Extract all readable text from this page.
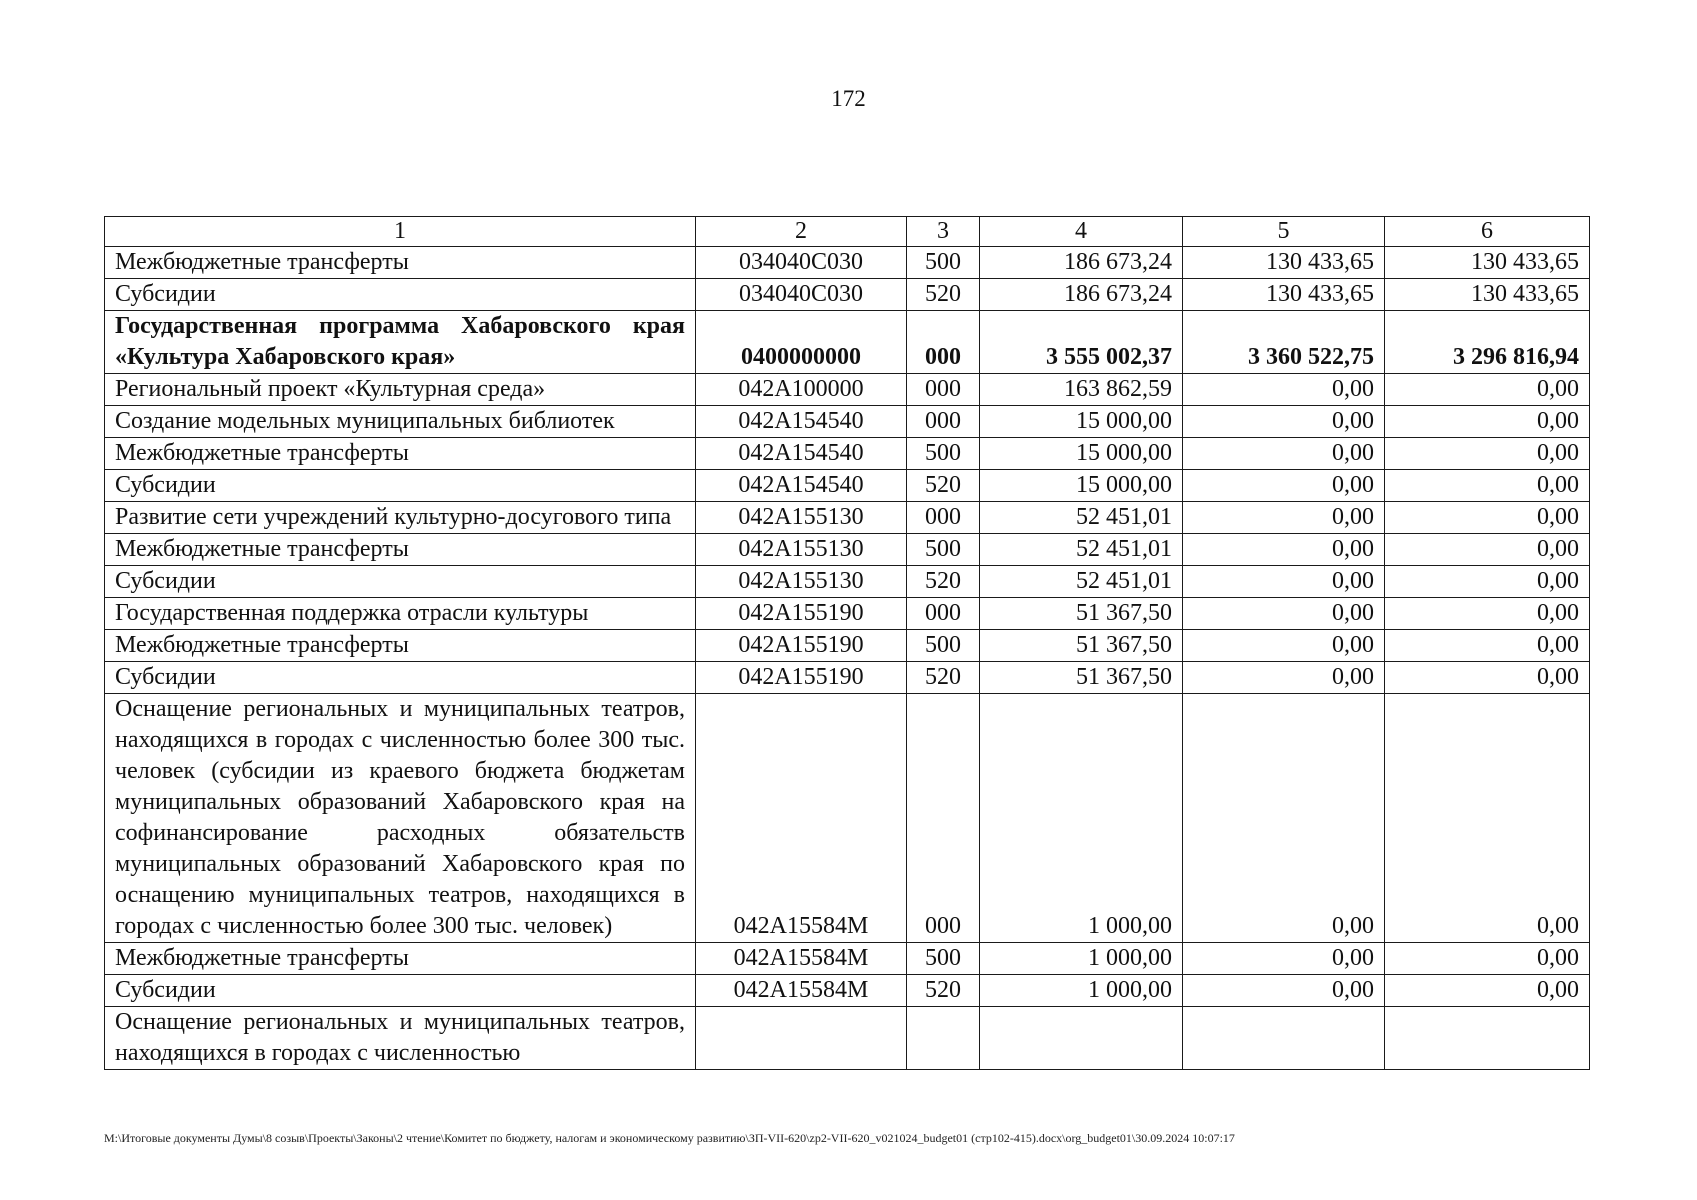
172
1	2	3	4	5	6
Межбюджетные трансферты	034040С030	500	186 673,24	130 433,65	130 433,65
Субсидии	034040С030	520	186 673,24	130 433,65	130 433,65
Государственная программа Хабаровского края «Культура Хабаровского края»	0400000000	000	3 555 002,37	3 360 522,75	3 296 816,94
Региональный проект «Культурная среда»	042А100000	000	163 862,59	0,00	0,00
Создание модельных муниципальных библиотек	042А154540	000	15 000,00	0,00	0,00
Межбюджетные трансферты	042А154540	500	15 000,00	0,00	0,00
Субсидии	042А154540	520	15 000,00	0,00	0,00
Развитие сети учреждений культурно-досугового типа	042А155130	000	52 451,01	0,00	0,00
Межбюджетные трансферты	042А155130	500	52 451,01	0,00	0,00
Субсидии	042А155130	520	52 451,01	0,00	0,00
Государственная поддержка отрасли культуры	042А155190	000	51 367,50	0,00	0,00
Межбюджетные трансферты	042А155190	500	51 367,50	0,00	0,00
Субсидии	042А155190	520	51 367,50	0,00	0,00
Оснащение региональных и муниципальных театров, находящихся в городах с численностью более 300 тыс. человек (субсидии из краевого бюджета бюджетам муниципальных образований Хабаровского края на софинансирование расходных обязательств муниципальных образований Хабаровского края по оснащению муниципальных театров, находящихся в городах с численностью более 300 тыс. человек)	042А15584М	000	1 000,00	0,00	0,00
Межбюджетные трансферты	042А15584М	500	1 000,00	0,00	0,00
Субсидии	042А15584М	520	1 000,00	0,00	0,00
Оснащение региональных и муниципальных театров, находящихся в городах с численностью					
M:\Итоговые документы Думы\8 созыв\Проекты\Законы\2 чтение\Комитет по бюджету, налогам и экономическому развитию\ЗП-VII-620\zp2-VII-620_v021024_budget01 (стр102-415).docx\org_budget01\30.09.2024 10:07:17
